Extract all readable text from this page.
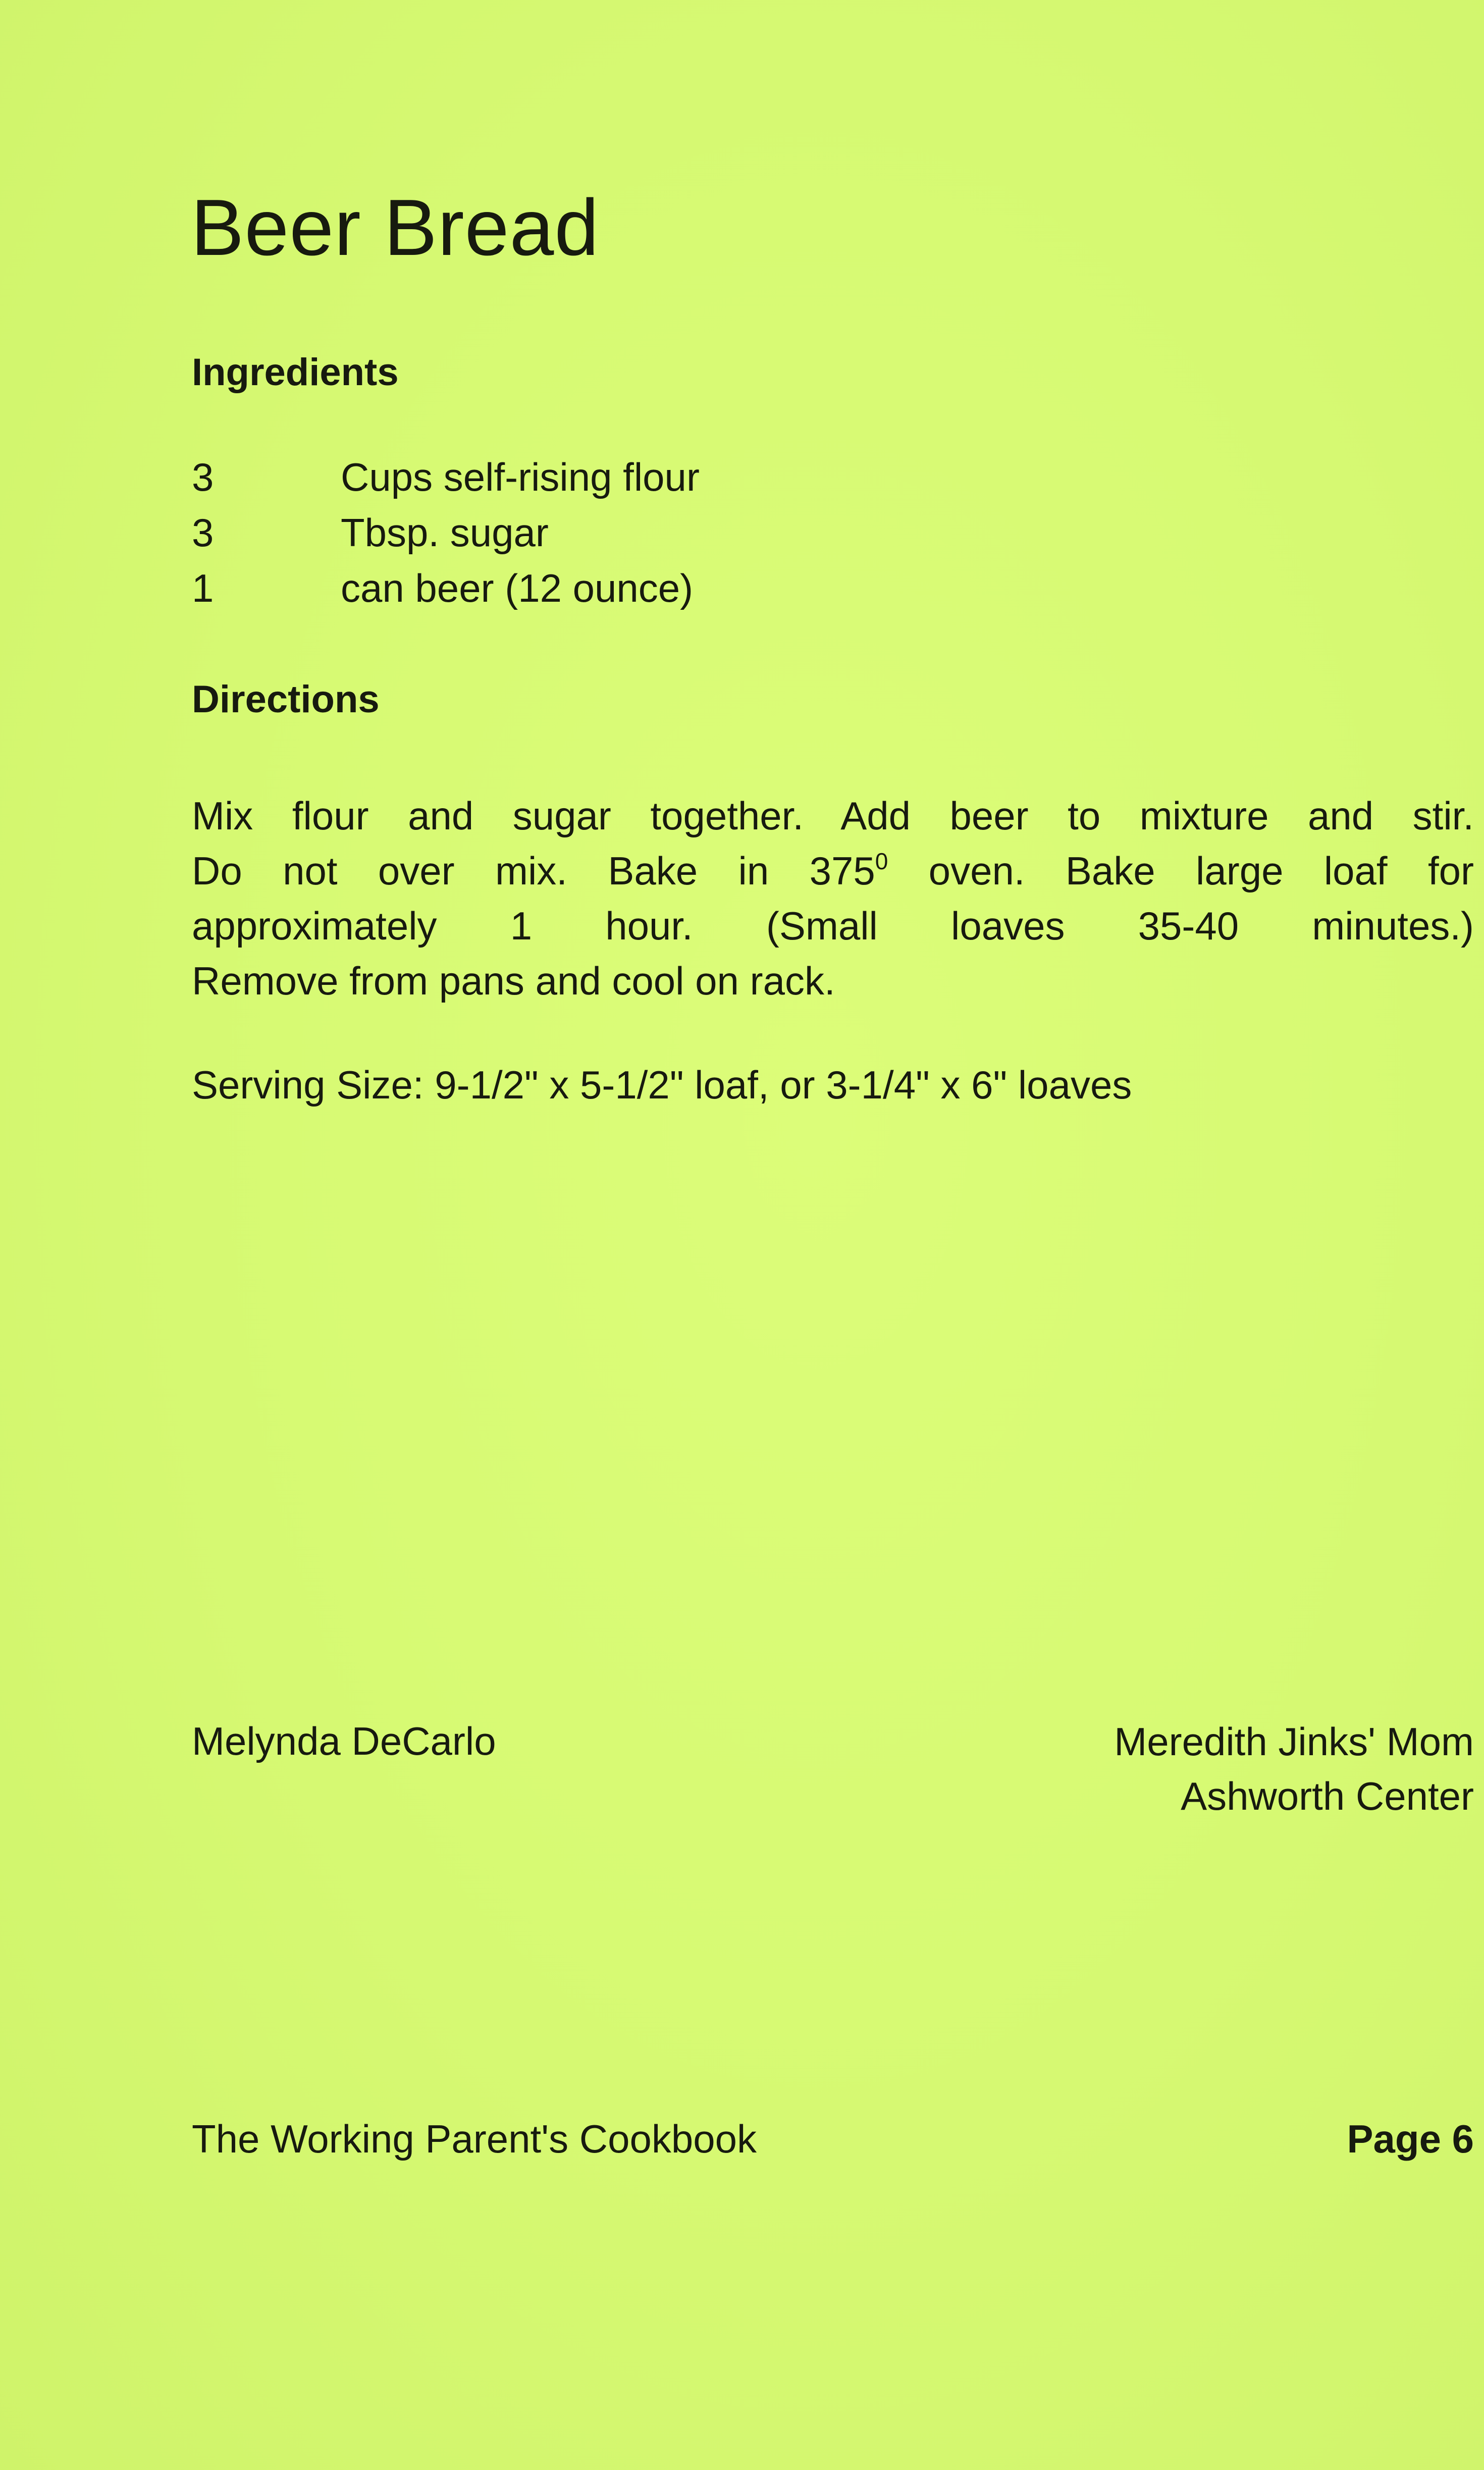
Beer Bread
Ingredients
3	Cups self-rising flour
3	Tbsp. sugar
1	can beer (12 ounce)
Directions
Mix flour and sugar together. Add beer to mixture and stir.
Do not over mix. Bake in $375^0$ oven. Bake large loaf for
approximately 1 hour. (Small loaves 35-40 minutes.)
Remove from pans and cool on rack.

Serving Size: 9-1/2" x 5-1/2" loaf, or 3-1/4" x 6" loaves

Melynda DeCarlo	Meredith Jinks' Mom
Ashworth Center

The Working Parent's Cookbook	Page 6
